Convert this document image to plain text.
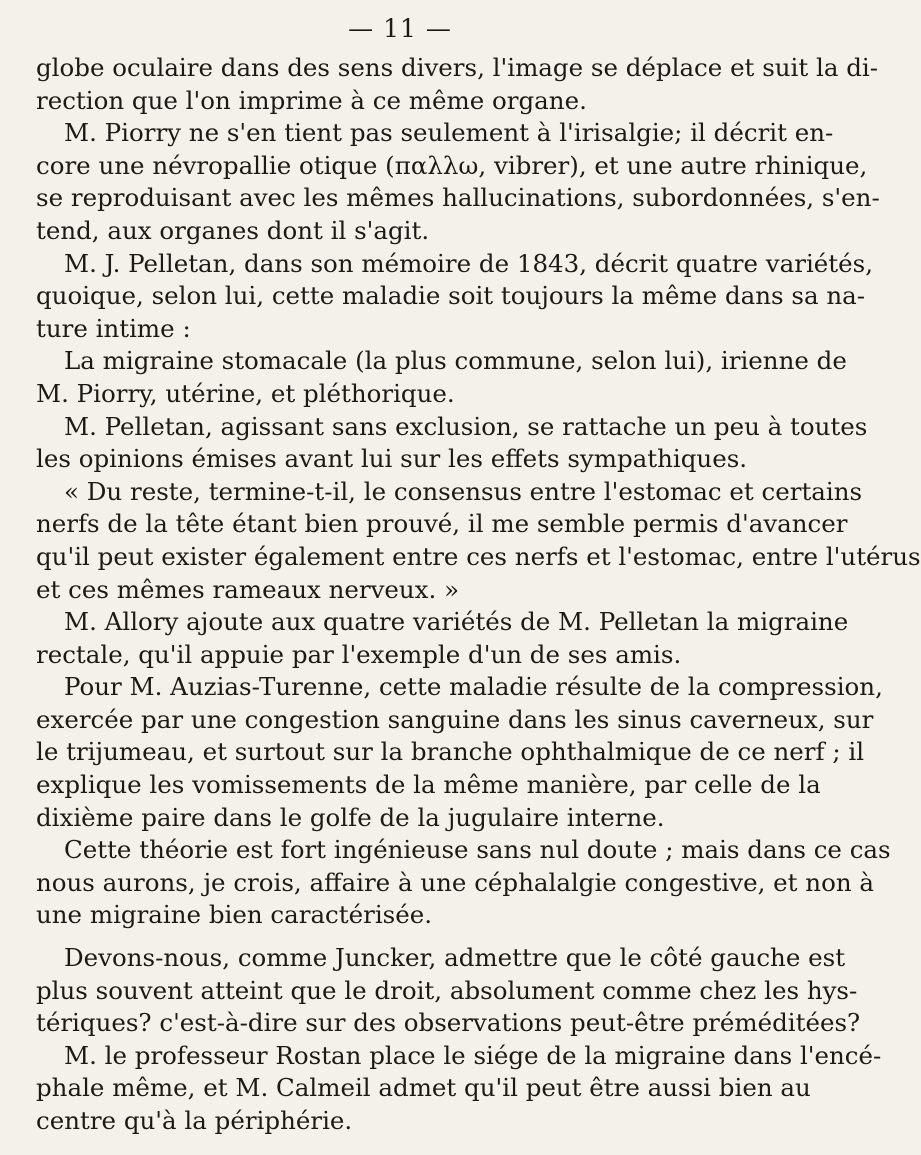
— 11 —
globe oculaire dans des sens divers, l'image se déplace et suit la di-
rection que l'on imprime à ce même organe.
M. Piorry ne s'en tient pas seulement à l'irisalgie; il décrit en-
core une névropallie otique (παλλω, vibrer), et une autre rhinique,
se reproduisant avec les mêmes hallucinations, subordonnées, s'en-
tend, aux organes dont il s'agit.
M. J. Pelletan, dans son mémoire de 1843, décrit quatre variétés,
quoique, selon lui, cette maladie soit toujours la même dans sa na-
ture intime :
La migraine stomacale (la plus commune, selon lui), irienne de
M. Piorry, utérine, et pléthorique.
M. Pelletan, agissant sans exclusion, se rattache un peu à toutes
les opinions émises avant lui sur les effets sympathiques.
« Du reste, termine-t-il, le consensus entre l'estomac et certains
nerfs de la tête étant bien prouvé, il me semble permis d'avancer
qu'il peut exister également entre ces nerfs et l'estomac, entre l'utérus
et ces mêmes rameaux nerveux. »
M. Allory ajoute aux quatre variétés de M. Pelletan la migraine
rectale, qu'il appuie par l'exemple d'un de ses amis.
Pour M. Auzias-Turenne, cette maladie résulte de la compression,
exercée par une congestion sanguine dans les sinus caverneux, sur
le trijumeau, et surtout sur la branche ophthalmique de ce nerf ; il
explique les vomissements de la même manière, par celle de la
dixième paire dans le golfe de la jugulaire interne.
Cette théorie est fort ingénieuse sans nul doute ; mais dans ce cas
nous aurons, je crois, affaire à une céphalalgie congestive, et non à
une migraine bien caractérisée.
Devons-nous, comme Juncker, admettre que le côté gauche est
plus souvent atteint que le droit, absolument comme chez les hys-
tériques? c'est-à-dire sur des observations peut-être préméditées?
M. le professeur Rostan place le siége de la migraine dans l'encé-
phale même, et M. Calmeil admet qu'il peut être aussi bien au
centre qu'à la périphérie.
